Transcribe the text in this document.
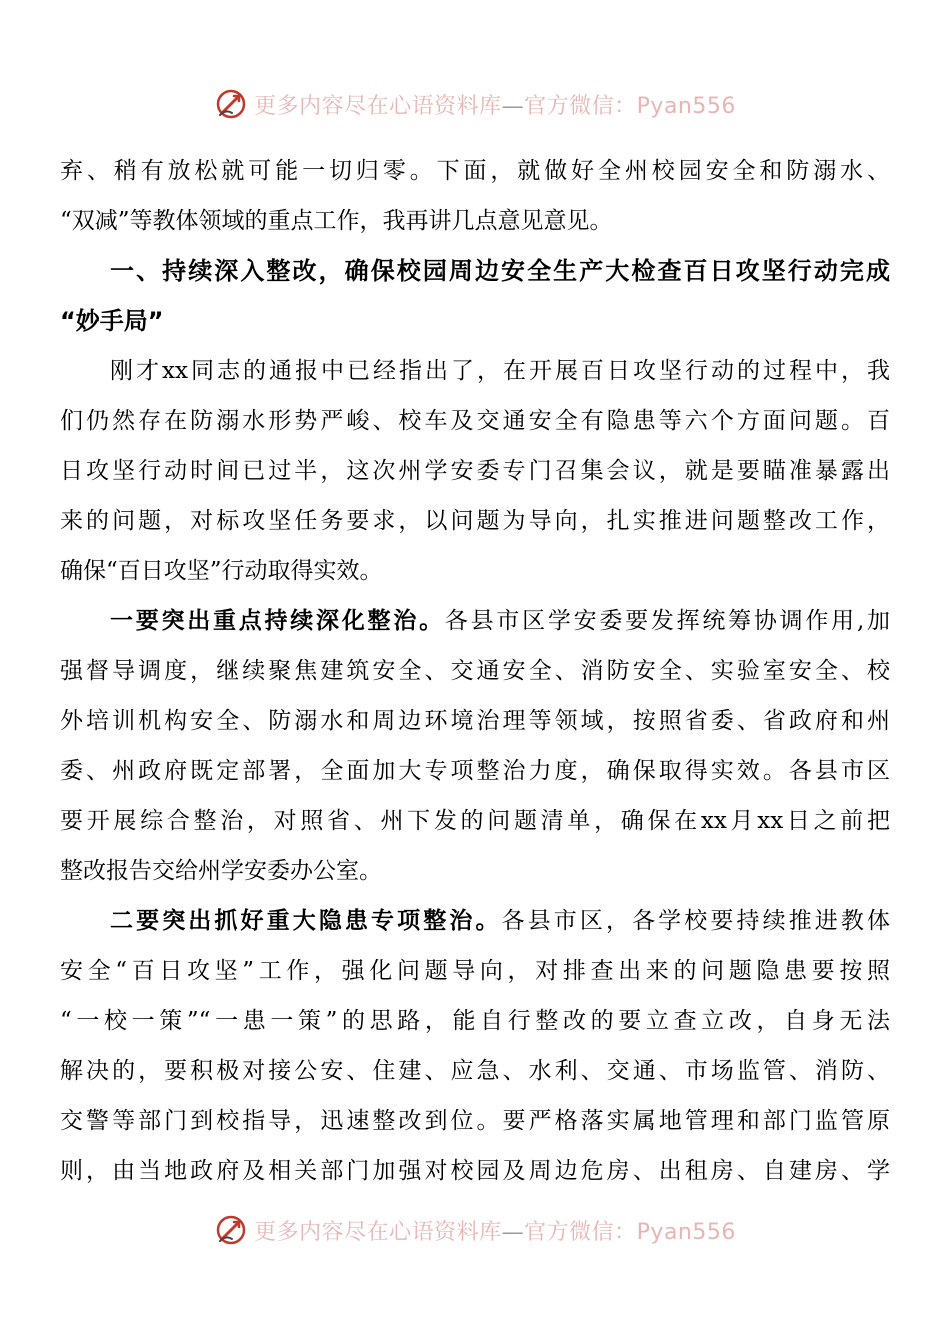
更多内容尽在心语资料库—官方微信：Pyan556
弃、稍有放松就可能一切归零。下面，就做好全州校园安全和防溺水、
“双减”等教体领域的重点工作，我再讲几点意见意见。
一、持续深入整改，确保校园周边安全生产大检查百日攻坚行动完成
“妙手局”
刚才xx同志的通报中已经指出了，在开展百日攻坚行动的过程中，我
们仍然存在防溺水形势严峻、校车及交通安全有隐患等六个方面问题。百
日攻坚行动时间已过半，这次州学安委专门召集会议，就是要瞄准暴露出
来的问题，对标攻坚任务要求，以问题为导向，扎实推进问题整改工作，
确保“百日攻坚”行动取得实效。
一要突出重点持续深化整治。各县市区学安委要发挥统筹协调作用,加
强督导调度，继续聚焦建筑安全、交通安全、消防安全、实验室安全、校
外培训机构安全、防溺水和周边环境治理等领域，按照省委、省政府和州
委、州政府既定部署，全面加大专项整治力度，确保取得实效。各县市区
要开展综合整治，对照省、州下发的问题清单，确保在xx月xx日之前把
整改报告交给州学安委办公室。
二要突出抓好重大隐患专项整治。各县市区，各学校要持续推进教体
安全“百日攻坚”工作，强化问题导向，对排查出来的问题隐患要按照
“一校一策”“一患一策”的思路，能自行整改的要立查立改，自身无法
解决的，要积极对接公安、住建、应急、水利、交通、市场监管、消防、
交警等部门到校指导，迅速整改到位。要严格落实属地管理和部门监管原
则，由当地政府及相关部门加强对校园及周边危房、出租房、自建房、学
更多内容尽在心语资料库—官方微信：Pyan556
